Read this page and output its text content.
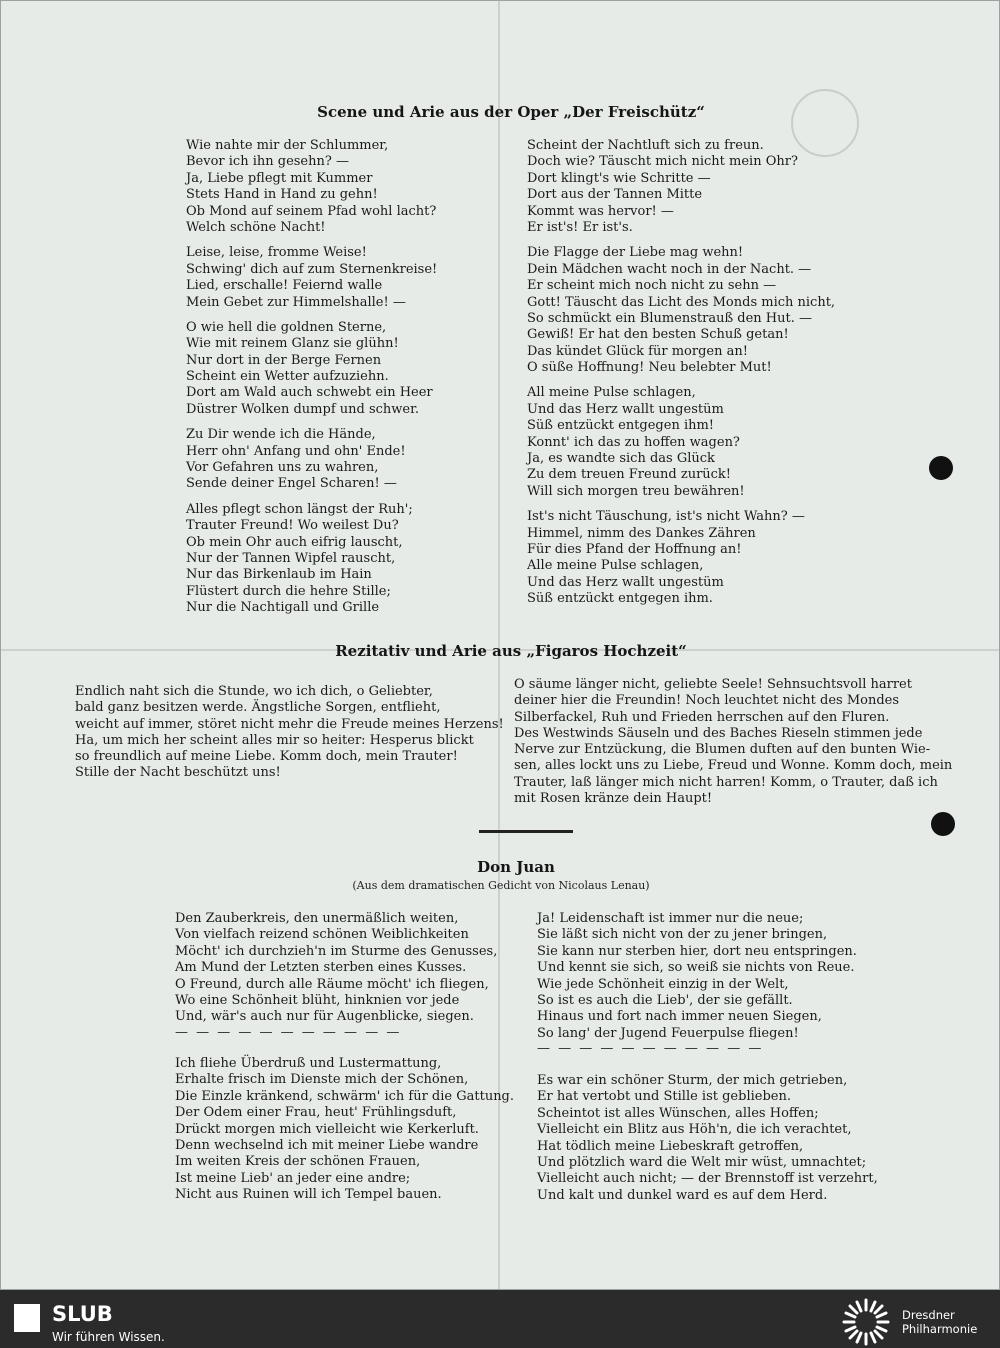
Scene und Arie aus der Oper „Der Freischütz“
Wie nahte mir der Schlummer,
Bevor ich ihn gesehn? —
Ja, Liebe pflegt mit Kummer
Stets Hand in Hand zu gehn!
Ob Mond auf seinem Pfad wohl lacht?
Welch schöne Nacht!
Leise, leise, fromme Weise!
Schwing' dich auf zum Sternenkreise!
Lied, erschalle! Feiernd walle
Mein Gebet zur Himmelshalle! —
O wie hell die goldnen Sterne,
Wie mit reinem Glanz sie glühn!
Nur dort in der Berge Fernen
Scheint ein Wetter aufzuziehn.
Dort am Wald auch schwebt ein Heer
Düstrer Wolken dumpf und schwer.
Zu Dir wende ich die Hände,
Herr ohn' Anfang und ohn' Ende!
Vor Gefahren uns zu wahren,
Sende deiner Engel Scharen! —
Alles pflegt schon längst der Ruh';
Trauter Freund! Wo weilest Du?
Ob mein Ohr auch eifrig lauscht,
Nur der Tannen Wipfel rauscht,
Nur das Birkenlaub im Hain
Flüstert durch die hehre Stille;
Nur die Nachtigall und Grille
Scheint der Nachtluft sich zu freun.
Doch wie? Täuscht mich nicht mein Ohr?
Dort klingt's wie Schritte —
Dort aus der Tannen Mitte
Kommt was hervor! —
Er ist's! Er ist's.
Die Flagge der Liebe mag wehn!
Dein Mädchen wacht noch in der Nacht. —
Er scheint mich noch nicht zu sehn —
Gott! Täuscht das Licht des Monds mich nicht,
So schmückt ein Blumenstrauß den Hut. —
Gewiß! Er hat den besten Schuß getan!
Das kündet Glück für morgen an!
O süße Hoffnung! Neu belebter Mut!
All meine Pulse schlagen,
Und das Herz wallt ungestüm
Süß entzückt entgegen ihm!
Konnt' ich das zu hoffen wagen?
Ja, es wandte sich das Glück
Zu dem treuen Freund zurück!
Will sich morgen treu bewähren!
Ist's nicht Täuschung, ist's nicht Wahn? —
Himmel, nimm des Dankes Zähren
Für dies Pfand der Hoffnung an!
Alle meine Pulse schlagen,
Und das Herz wallt ungestüm
Süß entzückt entgegen ihm.
Rezitativ und Arie aus „Figaros Hochzeit“
Endlich naht sich die Stunde, wo ich dich, o Geliebter,
bald ganz besitzen werde. Ängstliche Sorgen, entflieht,
weicht auf immer, störet nicht mehr die Freude meines Herzens!
Ha, um mich her scheint alles mir so heiter: Hesperus blickt
so freundlich auf meine Liebe. Komm doch, mein Trauter!
Stille der Nacht beschützt uns!
O säume länger nicht, geliebte Seele! Sehnsuchtsvoll harret
deiner hier die Freundin! Noch leuchtet nicht des Mondes
Silberfackel, Ruh und Frieden herrschen auf den Fluren.
Des Westwinds Säuseln und des Baches Rieseln stimmen jede
Nerve zur Entzückung, die Blumen duften auf den bunten Wie-
sen, alles lockt uns zu Liebe, Freud und Wonne. Komm doch, mein
Trauter, laß länger mich nicht harren! Komm, o Trauter, daß ich
mit Rosen kränze dein Haupt!
Don Juan
(Aus dem dramatischen Gedicht von Nicolaus Lenau)
Den Zauberkreis, den unermäßlich weiten,
Von vielfach reizend schönen Weiblichkeiten
Möcht' ich durchzieh'n im Sturme des Genusses,
Am Mund der Letzten sterben eines Kusses.
O Freund, durch alle Räume möcht' ich fliegen,
Wo eine Schönheit blüht, hinknien vor jede
Und, wär's auch nur für Augenblicke, siegen.
— — — — — — — — — — —
Ich fliehe Überdruß und Lustermattung,
Erhalte frisch im Dienste mich der Schönen,
Die Einzle kränkend, schwärm' ich für die Gattung.
Der Odem einer Frau, heut' Frühlingsduft,
Drückt morgen mich vielleicht wie Kerkerluft.
Denn wechselnd ich mit meiner Liebe wandre
Im weiten Kreis der schönen Frauen,
Ist meine Lieb' an jeder eine andre;
Nicht aus Ruinen will ich Tempel bauen.
Ja! Leidenschaft ist immer nur die neue;
Sie läßt sich nicht von der zu jener bringen,
Sie kann nur sterben hier, dort neu entspringen.
Und kennt sie sich, so weiß sie nichts von Reue.
Wie jede Schönheit einzig in der Welt,
So ist es auch die Lieb', der sie gefällt.
Hinaus und fort nach immer neuen Siegen,
So lang' der Jugend Feuerpulse fliegen!
— — — — — — — — — — —
Es war ein schöner Sturm, der mich getrieben,
Er hat vertobt und Stille ist geblieben.
Scheintot ist alles Wünschen, alles Hoffen;
Vielleicht ein Blitz aus Höh'n, die ich verachtet,
Hat tödlich meine Liebeskraft getroffen,
Und plötzlich ward die Welt mir wüst, umnachtet;
Vielleicht auch nicht; — der Brennstoff ist verzehrt,
Und kalt und dunkel ward es auf dem Herd.
SLUB
Wir führen Wissen.
Dresdner
Philharmonie
